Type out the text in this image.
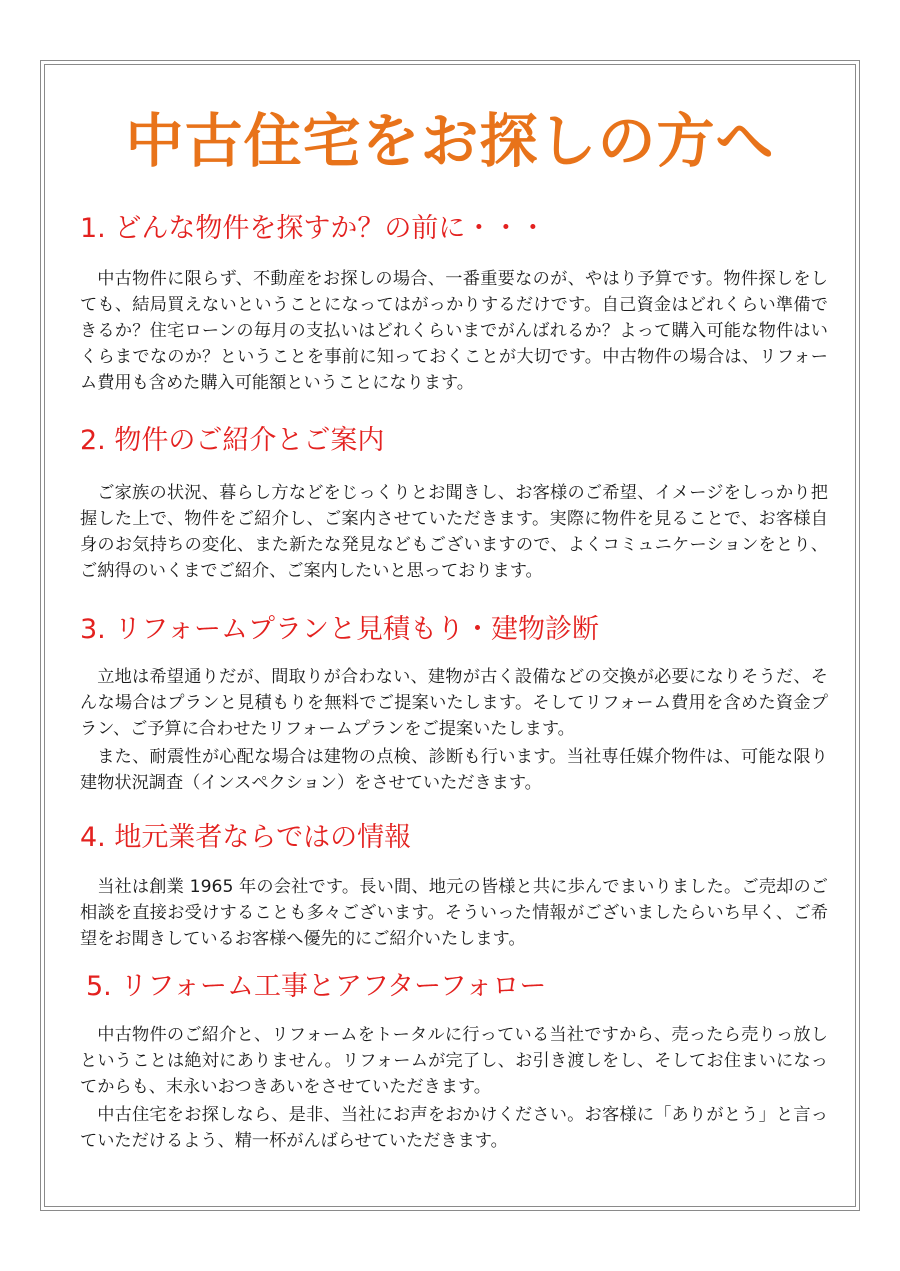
中古住宅をお探しの方へ
1. どんな物件を探すか？の前に・・・

中古物件に限らず、不動産をお探しの場合、一番重要なのが、やはり予算です。物件探しをしても、結局買えないということになってはがっかりするだけです。自己資金はどれくらい準備できるか？住宅ローンの毎月の支払いはどれくらいまでがんばれるか？よって購入可能な物件はいくらまでなのか？ということを事前に知っておくことが大切です。中古物件の場合は、リフォーム費用も含めた購入可能額ということになります。

2. 物件のご紹介とご案内

ご家族の状況、暮らし方などをじっくりとお聞きし、お客様のご希望、イメージをしっかり把握した上で、物件をご紹介し、ご案内させていただきます。実際に物件を見ることで、お客様自身のお気持ちの変化、また新たな発見などもございますので、よくコミュニケーションをとり、ご納得のいくまでご紹介、ご案内したいと思っております。

3. リフォームプランと見積もり・建物診断

立地は希望通りだが、間取りが合わない、建物が古く設備などの交換が必要になりそうだ、そんな場合はプランと見積もりを無料でご提案いたします。そしてリフォーム費用を含めた資金プラン、ご予算に合わせたリフォームプランをご提案いたします。

また、耐震性が心配な場合は建物の点検、診断も行います。当社専任媒介物件は、可能な限り建物状況調査（インスペクション）をさせていただきます。

4. 地元業者ならではの情報

当社は創業 1965 年の会社です。長い間、地元の皆様と共に歩んでまいりました。ご売却のご相談を直接お受けすることも多々ございます。そういった情報がございましたらいち早く、ご希望をお聞きしているお客様へ優先的にご紹介いたします。

5. リフォーム工事とアフターフォロー

中古物件のご紹介と、リフォームをトータルに行っている当社ですから、売ったら売りっ放しということは絶対にありません。リフォームが完了し、お引き渡しをし、そしてお住まいになってからも、末永いおつきあいをさせていただきます。

中古住宅をお探しなら、是非、当社にお声をおかけください。お客様に「ありがとう」と言っていただけるよう、精一杯がんばらせていただきます。
